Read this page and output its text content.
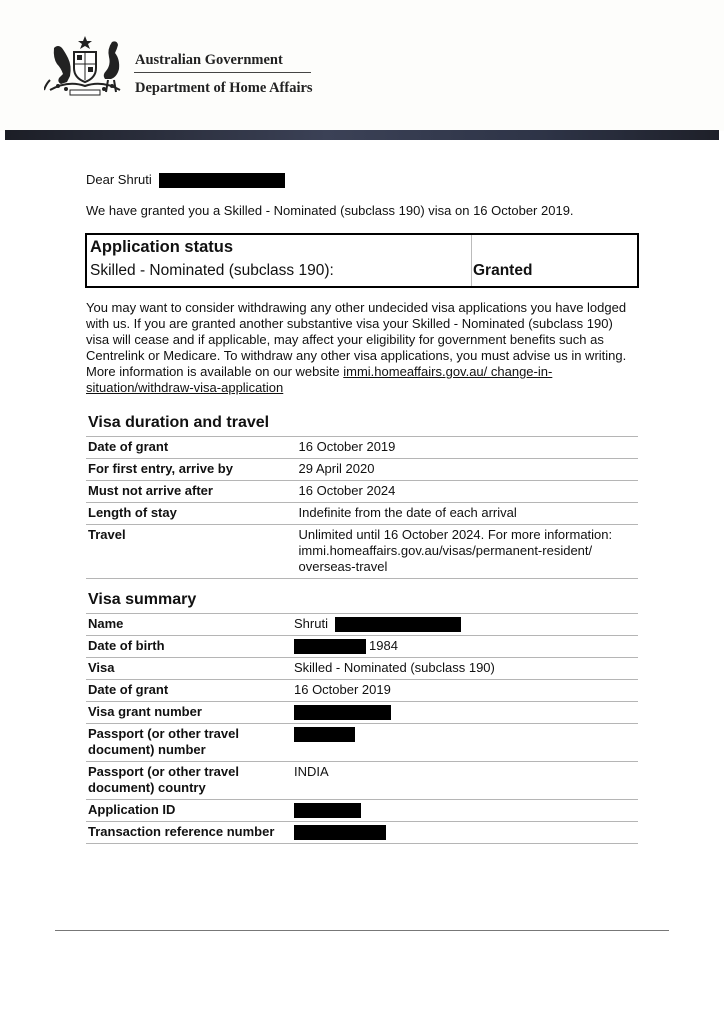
Australian Government
Department of Home Affairs
Dear Shruti
We have granted you a Skilled - Nominated (subclass 190) visa on 16 October 2019.
Application status
Skilled - Nominated (subclass 190):	Granted
You may want to consider withdrawing any other undecided visa applications you have lodged with us. If you are granted another substantive visa your Skilled - Nominated (subclass 190) visa will cease and if applicable, may affect your eligibility for government benefits such as Centrelink or Medicare. To withdraw any other visa applications, you must advise us in writing. More information is available on our website immi.homeaffairs.gov.au/ change-in-situation/withdraw-visa-application
Visa duration and travel
Date of grant	16 October 2019
For first entry, arrive by	29 April 2020
Must not arrive after	16 October 2024
Length of stay	Indefinite from the date of each arrival
Travel	Unlimited until 16 October 2024. For more information: immi.homeaffairs.gov.au/visas/permanent-resident/ overseas-travel
Visa summary
Name	Shruti
Date of birth	1984
Visa	Skilled - Nominated (subclass 190)
Date of grant	16 October 2019
Visa grant number	
Passport (or other travel document) number	
Passport (or other travel document) country	INDIA
Application ID	
Transaction reference number	
